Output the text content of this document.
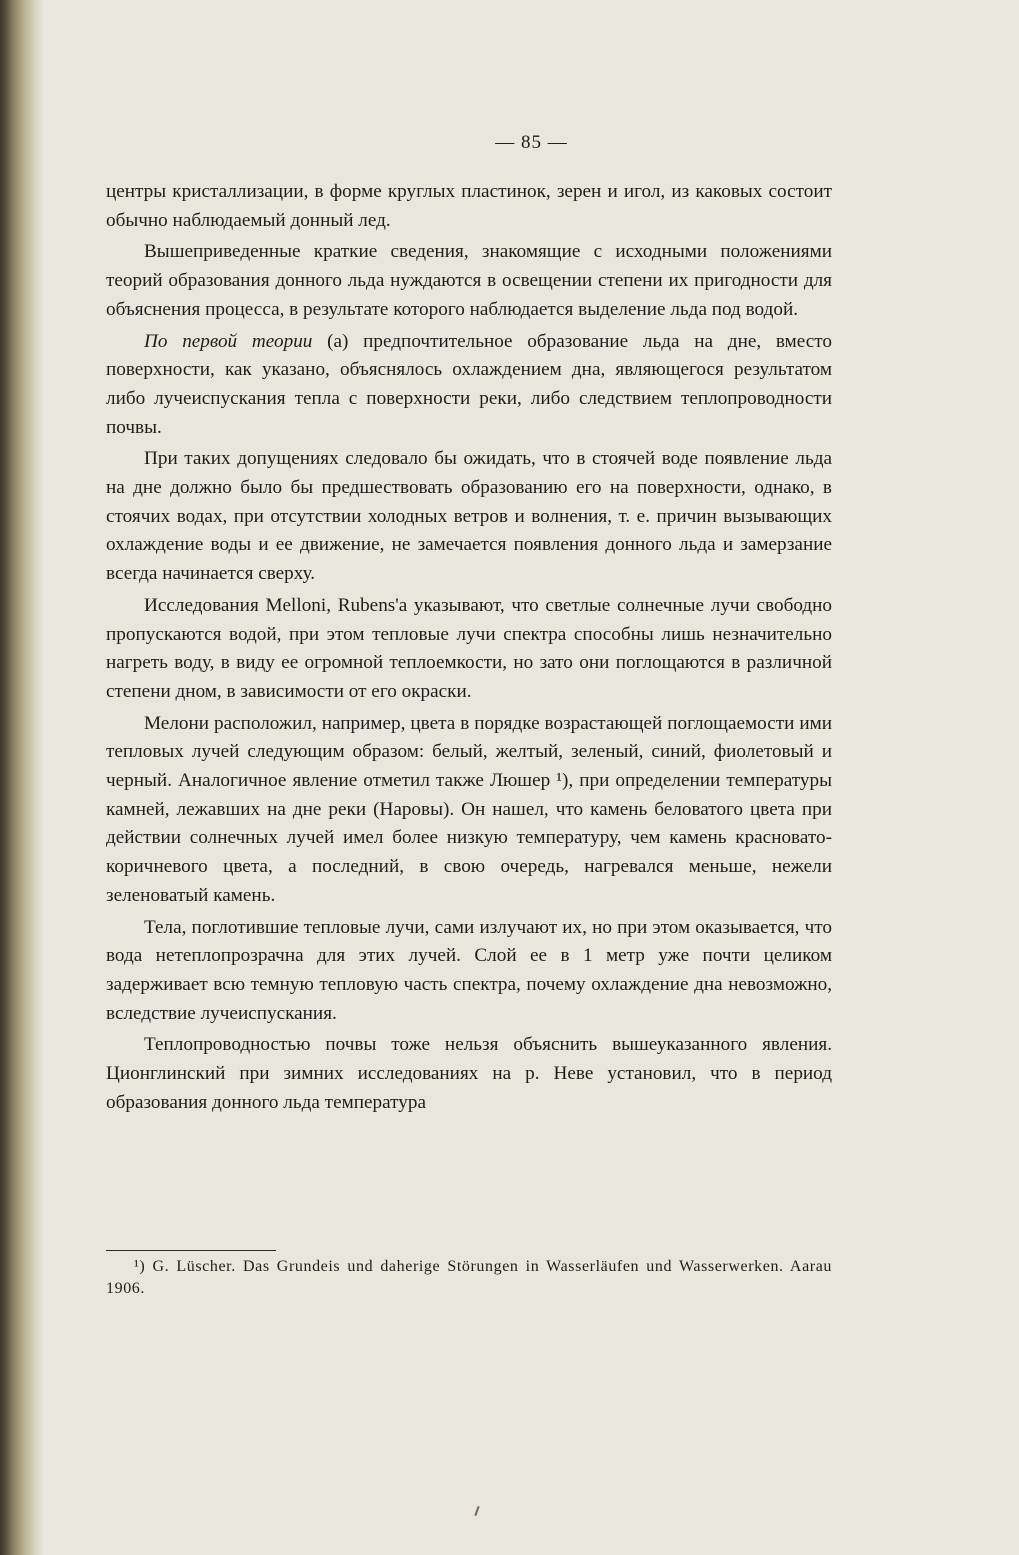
— 85 —

центры кристаллизации, в форме круглых пластинок, зерен и игол, из каковых состоит обычно наблюдаемый донный лед.

Вышеприведенные краткие сведения, знакомящие с исходными положениями теорий образования донного льда нуждаются в освещении степени их пригодности для объяснения процесса, в результате которого наблюдается выделение льда под водой.

По первой теории (а) предпочтительное образование льда на дне, вместо поверхности, как указано, объяснялось охлаждением дна, являющегося результатом либо лучеиспускания тепла с поверхности реки, либо следствием теплопроводности почвы.

При таких допущениях следовало бы ожидать, что в стоячей воде появление льда на дне должно было бы предшествовать образованию его на поверхности, однако, в стоячих водах, при отсутствии холодных ветров и волнения, т. е. причин вызывающих охлаждение воды и ее движение, не замечается появления донного льда и замерзание всегда начинается сверху.

Исследования Melloni, Rubens'а указывают, что светлые солнечные лучи свободно пропускаются водой, при этом тепловые лучи спектра способны лишь незначительно нагреть воду, в виду ее огромной теплоемкости, но зато они поглощаются в различной степени дном, в зависимости от его окраски.

Мелони расположил, например, цвета в порядке возрастающей поглощаемости ими тепловых лучей следующим образом: белый, желтый, зеленый, синий, фиолетовый и черный. Аналогичное явление отметил также Люшер ¹), при определении температуры камней, лежавших на дне реки (Наровы). Он нашел, что камень беловатого цвета при действии солнечных лучей имел более низкую температуру, чем камень красновато-коричневого цвета, а последний, в свою очередь, нагревался меньше, нежели зеленоватый камень.

Тела, поглотившие тепловые лучи, сами излучают их, но при этом оказывается, что вода нетеплопрозрачна для этих лучей. Слой ее в 1 метр уже почти целиком задерживает всю темную тепловую часть спектра, почему охлаждение дна невозможно, вследствие лучеиспускания.

Теплопроводностью почвы тоже нельзя объяснить вышеуказанного явления. Ционглинский при зимних исследованиях на р. Неве установил, что в период образования донного льда температура

¹) G. Lüscher. Das Grundeis und daherige Störungen in Wasserläufen und Wasserwerken. Aarau 1906.
